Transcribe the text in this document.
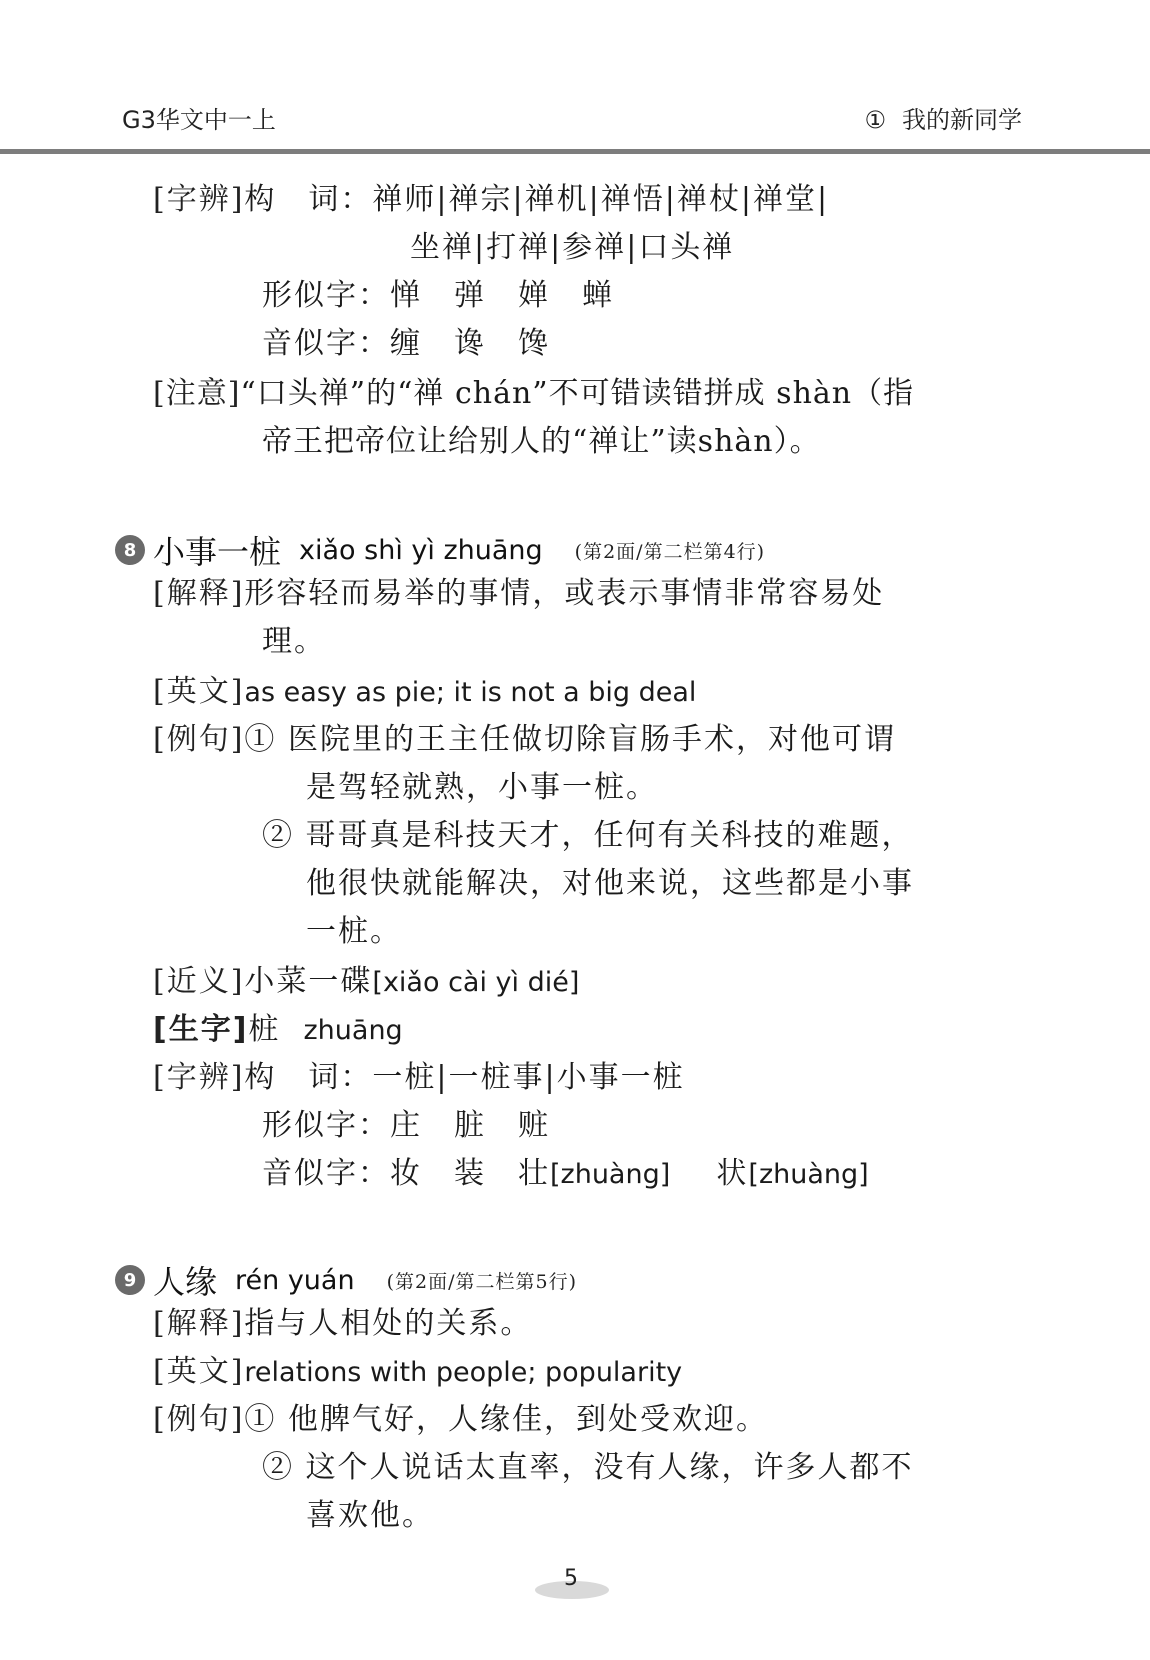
G3华文中一上	① 我的新同学
[字辨]构　词：禅师|禅宗|禅机|禅悟|禅杖|禅堂|
坐禅|打禅|参禅|口头禅
形似字：惮　弹　婵　蝉
音似字：缠　谗　馋
[注意]“口头禅”的“禅 chán”不可错读错拼成 shàn（指
帝王把帝位让给别人的“禅让”读shàn）。
8 小事一桩 xiǎo shì yì zhuāng (第2面/第二栏第4行)
[解释]形容轻而易举的事情，或表示事情非常容易处
理。
[英文]as easy as pie; it is not a big deal
[例句]① 医院里的王主任做切除盲肠手术，对他可谓
是驾轻就熟，小事一桩。
② 哥哥真是科技天才，任何有关科技的难题，
他很快就能解决，对他来说，这些都是小事
一桩。
[近义]小菜一碟[xiǎo cài yì dié]
[生字]桩 zhuāng
[字辨]构　词：一桩|一桩事|小事一桩
形似字：庄　脏　赃
音似字：妆　装　壮[zhuàng] 状[zhuàng]
9 人缘 rén yuán (第2面/第二栏第5行)
[解释]指与人相处的关系。
[英文]relations with people; popularity
[例句]① 他脾气好，人缘佳，到处受欢迎。
② 这个人说话太直率，没有人缘，许多人都不
喜欢他。
5
